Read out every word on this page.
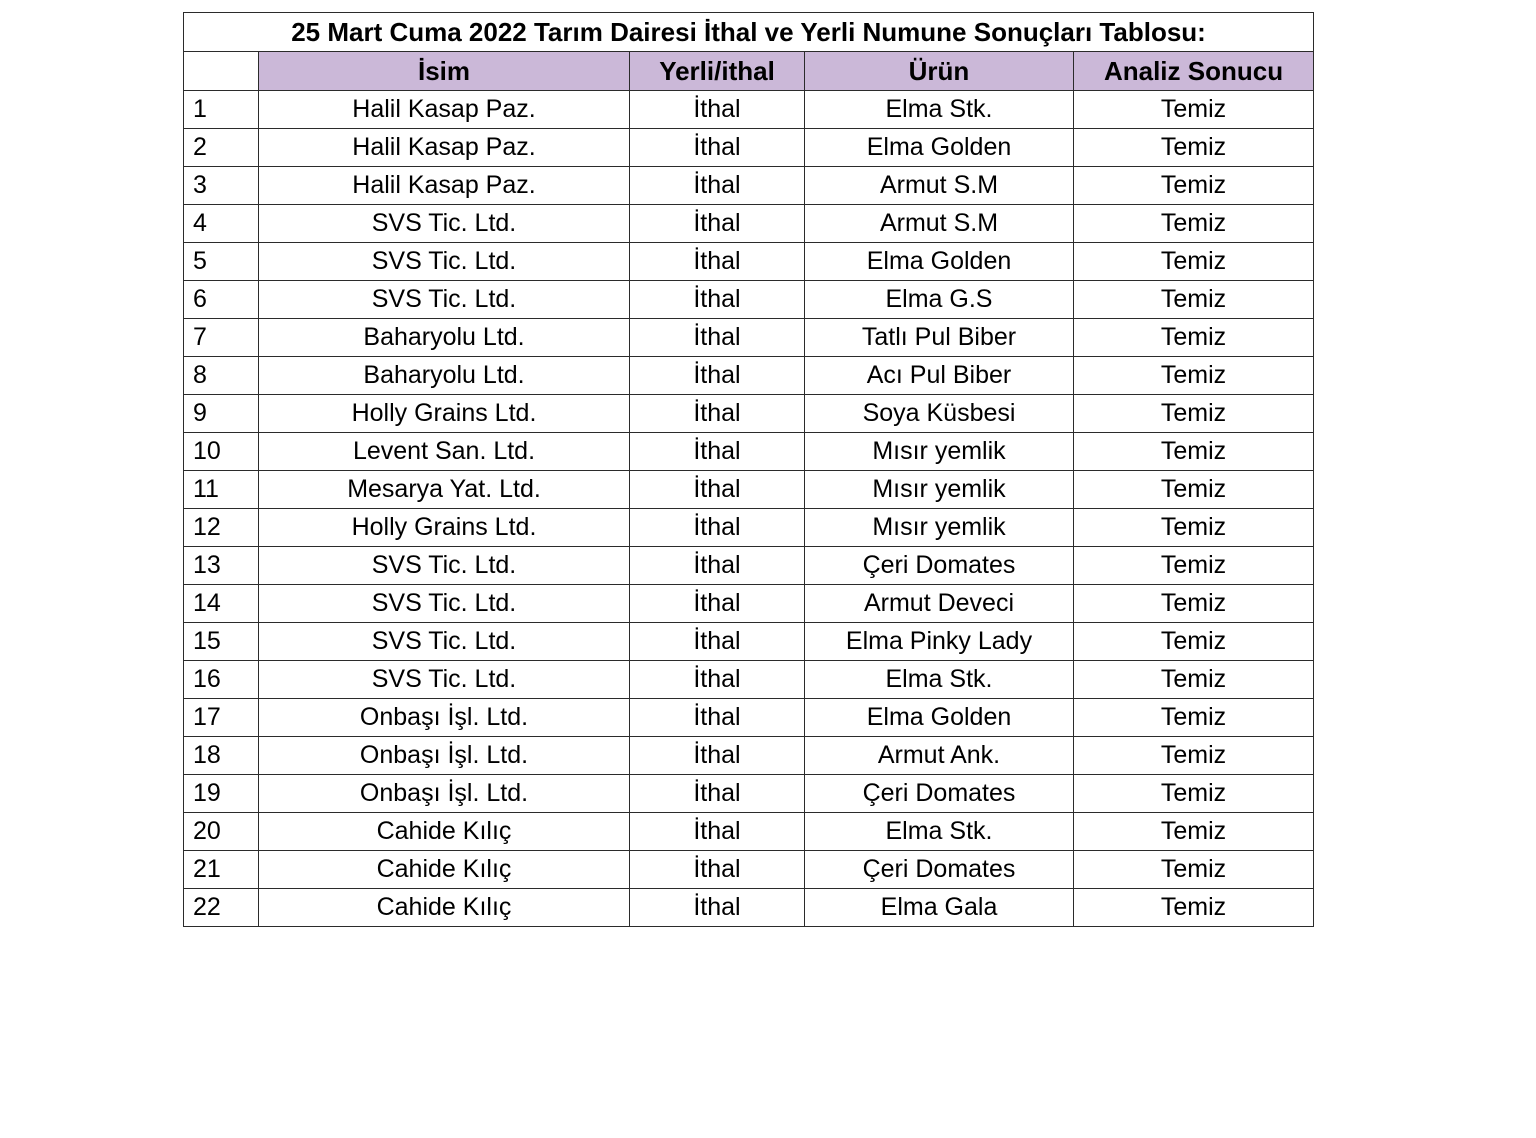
25 Mart Cuma 2022 Tarım Dairesi İthal ve Yerli Numune Sonuçları Tablosu:				
	İsim	Yerli/ithal	Ürün	Analiz Sonucu
1	Halil Kasap Paz.	İthal	Elma Stk.	Temiz
2	Halil Kasap Paz.	İthal	Elma Golden	Temiz
3	Halil Kasap Paz.	İthal	Armut S.M	Temiz
4	SVS Tic. Ltd.	İthal	Armut S.M	Temiz
5	SVS Tic. Ltd.	İthal	Elma Golden	Temiz
6	SVS Tic. Ltd.	İthal	Elma G.S	Temiz
7	Baharyolu Ltd.	İthal	Tatlı Pul Biber	Temiz
8	Baharyolu Ltd.	İthal	Acı Pul Biber	Temiz
9	Holly Grains Ltd.	İthal	Soya Küsbesi	Temiz
10	Levent San. Ltd.	İthal	Mısır yemlik	Temiz
11	Mesarya Yat. Ltd.	İthal	Mısır yemlik	Temiz
12	Holly Grains Ltd.	İthal	Mısır yemlik	Temiz
13	SVS Tic. Ltd.	İthal	Çeri Domates	Temiz
14	SVS Tic. Ltd.	İthal	Armut Deveci	Temiz
15	SVS Tic. Ltd.	İthal	Elma Pinky Lady	Temiz
16	SVS Tic. Ltd.	İthal	Elma Stk.	Temiz
17	Onbaşı İşl. Ltd.	İthal	Elma Golden	Temiz
18	Onbaşı İşl. Ltd.	İthal	Armut Ank.	Temiz
19	Onbaşı İşl. Ltd.	İthal	Çeri Domates	Temiz
20	Cahide Kılıç	İthal	Elma Stk.	Temiz
21	Cahide Kılıç	İthal	Çeri Domates	Temiz
22	Cahide Kılıç	İthal	Elma Gala	Temiz
